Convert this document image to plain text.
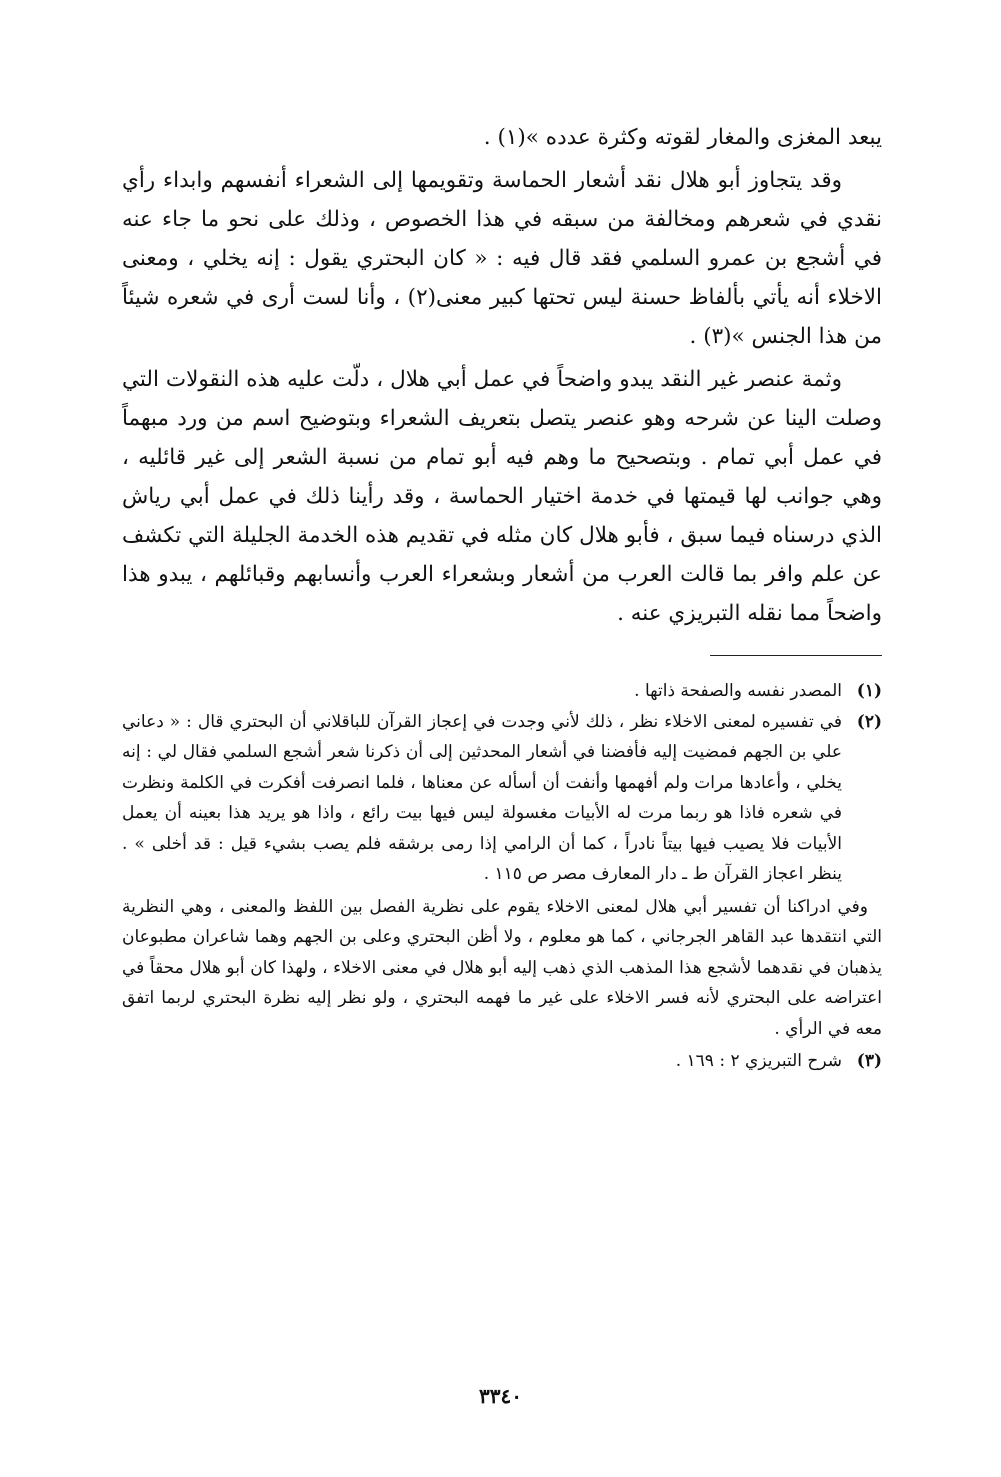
يبعد المغزى والمغار لقوته وكثرة عدده »(١) .

وقد يتجاوز أبو هلال نقد أشعار الحماسة وتقويمها إلى الشعراء أنفسهم وابداء رأي نقدي في شعرهم ومخالفة من سبقه في هذا الخصوص ، وذلك على نحو ما جاء عنه في أشجع بن عمرو السلمي فقد قال فيه : « كان البحتري يقول : إنه يخلي ، ومعنى الاخلاء أنه يأتي بألفاظ حسنة ليس تحتها كبير معنى(٢) ، وأنا لست أرى في شعره شيئاً من هذا الجنس »(٣) .

وثمة عنصر غير النقد يبدو واضحاً في عمل أبي هلال ، دلّت عليه هذه النقولات التي وصلت الينا عن شرحه وهو عنصر يتصل بتعريف الشعراء وبتوضيح اسم من ورد مبهماً في عمل أبي تمام . وبتصحيح ما وهم فيه أبو تمام من نسبة الشعر إلى غير قائليه ، وهي جوانب لها قيمتها في خدمة اختيار الحماسة ، وقد رأينا ذلك في عمل أبي رياش الذي درسناه فيما سبق ، فأبو هلال كان مثله في تقديم هذه الخدمة الجليلة التي تكشف عن علم وافر بما قالت العرب من أشعار وبشعراء العرب وأنسابهم وقبائلهم ، يبدو هذا واضحاً مما نقله التبريزي عنه .

(١)
المصدر نفسه والصفحة ذاتها .
(٢)
في تفسيره لمعنى الاخلاء نظر ، ذلك لأني وجدت في إعجاز القرآن للباقلاني أن البحتري قال : « دعاني علي بن الجهم فمضيت إليه فأفضنا في أشعار المحدثين إلى أن ذكرنا شعر أشجع السلمي فقال لي : إنه يخلي ، وأعادها مرات ولم أفهمها وأنفت أن أسأله عن معناها ، فلما انصرفت أفكرت في الكلمة ونظرت في شعره فاذا هو ربما مرت له الأبيات مغسولة ليس فيها بيت رائع ، واذا هو يريد هذا بعينه أن يعمل الأبيات فلا يصيب فيها بيتاً نادراً ، كما أن الرامي إذا رمى برشقه فلم يصب بشيء قيل : قد أخلى » . ينظر اعجاز القرآن ط ـ دار المعارف مصر ص ١١٥ .

وفي ادراكنا أن تفسير أبي هلال لمعنى الاخلاء يقوم على نظرية الفصل بين اللفظ والمعنى ، وهي النظرية التي انتقدها عبد القاهر الجرجاني ، كما هو معلوم ، ولا أظن البحتري وعلى بن الجهم وهما شاعران مطبوعان يذهبان في نقدهما لأشجع هذا المذهب الذي ذهب إليه أبو هلال في معنى الاخلاء ، ولهذا كان أبو هلال محقاً في اعتراضه على البحتري لأنه فسر الاخلاء على غير ما فهمه البحتري ، ولو نظر إليه نظرة البحتري لربما اتفق معه في الرأي .

(٣)
شرح التبريزي ٢ : ١٦٩ .
٣٣٤٠
